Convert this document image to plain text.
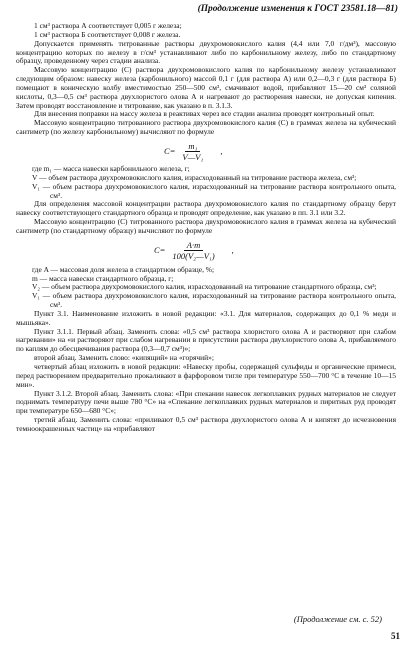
(Продолжение изменения к ГОСТ 23581.18—81)

1 см³ раствора А соответствует 0,005 г железа;

1 см³ раствора Б соответствует 0,008 г железа.

Допускается применять титрованные растворы двухромовокислого калия (4,4 или 7,0 г/дм³), массовую концентрацию которых по железу в г/см³ устанавливают либо по карбонильному железу, либо по стандартному образцу, проведенному через стадии анализа.

Массовую концентрацию (С) раствора двухромовокислого калия по карбонильному железу устанавливают следующим образом: навеску железа (карбонильного) массой 0,1 г (для раствора А) или 0,2—0,3 г (для раствора Б) помещают в коническую колбу вместимостью 250—500 см³, смачивают водой, прибавляют 15—20 см³ соляной кислоты, 0,3—0,5 см³ раствора двухлористого олова А и нагревают до растворения навески, не допуская кипения. Затем проводят восстановление и титрование, как указано в п. 3.1.3.

Для внесения поправки на массу железа в реактивах через все стадии анализа проводят контрольный опыт.

Массовую концентрацию титрованного раствора двухромовокислого калия (С) в граммах железа на кубический сантиметр (по железу карбонильному) вычисляют по формуле

$C= \frac{\text{m₁}}{\text{V—V₁}}$ ,
где m₁ — масса навески карбонильного железа, г;
V — объем раствора двухромовокислого калия, израсходованный на титрование раствора железа, см³;
V₁ — объем раствора двухромовокислого калия, израсходованный на титрование раствора контрольного опыта, см³.

Для определения массовой концентрации раствора двухромовокислого калия по стандартному образцу берут навеску соответствующего стандартного образца и проводят определение, как указано в пп. 3.1 или 3.2.

Массовую концентрацию (С) титрованного раствора двухромовокислого калия в граммах железа на кубический сантиметр (по стандартному образцу) вычисляют по формуле

$C= \frac{A\cdot m}{\text{100(V₂—V₁)}}$ ,
где A — массовая доля железа в стандартном образце, %;
m — масса навески стандартного образца, г;
V₂ — объем раствора двухромовокислого калия, израсходованный на титрование стандартного образца, см³;
V₁ — объем раствора двухромовокислого калия, израсходованный на титрование раствора контрольного опыта, см³.

Пункт 3.1. Наименование изложить в новой редакции: «3.1. Для материалов, содержащих до 0,1 % меди и мышьяка».

Пункт 3.1.1. Первый абзац. Заменить слова: «0,5 см³ раствора хлористого олова А и растворяют при слабом нагревании» на «и растворяют при слабом нагревании в присутствии раствора двухлористого олова А, прибавляемого по каплям до обесцвечивания раствора (0,3—0,7 см³)»;

второй абзац. Заменить слово: «кипящий» на «горячий»;

четвертый абзац изложить в новой редакции: «Навеску пробы, содержащей сульфиды и органические примеси, перед растворением предварительно прокаливают в фарфоровом тигле при температуре 550—700 °С в течение 10—15 мин».

Пункт 3.1.2. Второй абзац. Заменить слова: «При спекании навесок легкоплавких рудных материалов не следует поднимать температуру печи выше 780 °С» на «Спекание легкоплавких рудных материалов и пиритных руд проводят при температуре 650—680 °С»;

третий абзац. Заменить слова: «приливают 0,5 см³ раствора двухлористого олова А и кипятят до исчезновения темноокрашенных частиц» на «прибавляют

(Продолжение см. с. 52)
51
